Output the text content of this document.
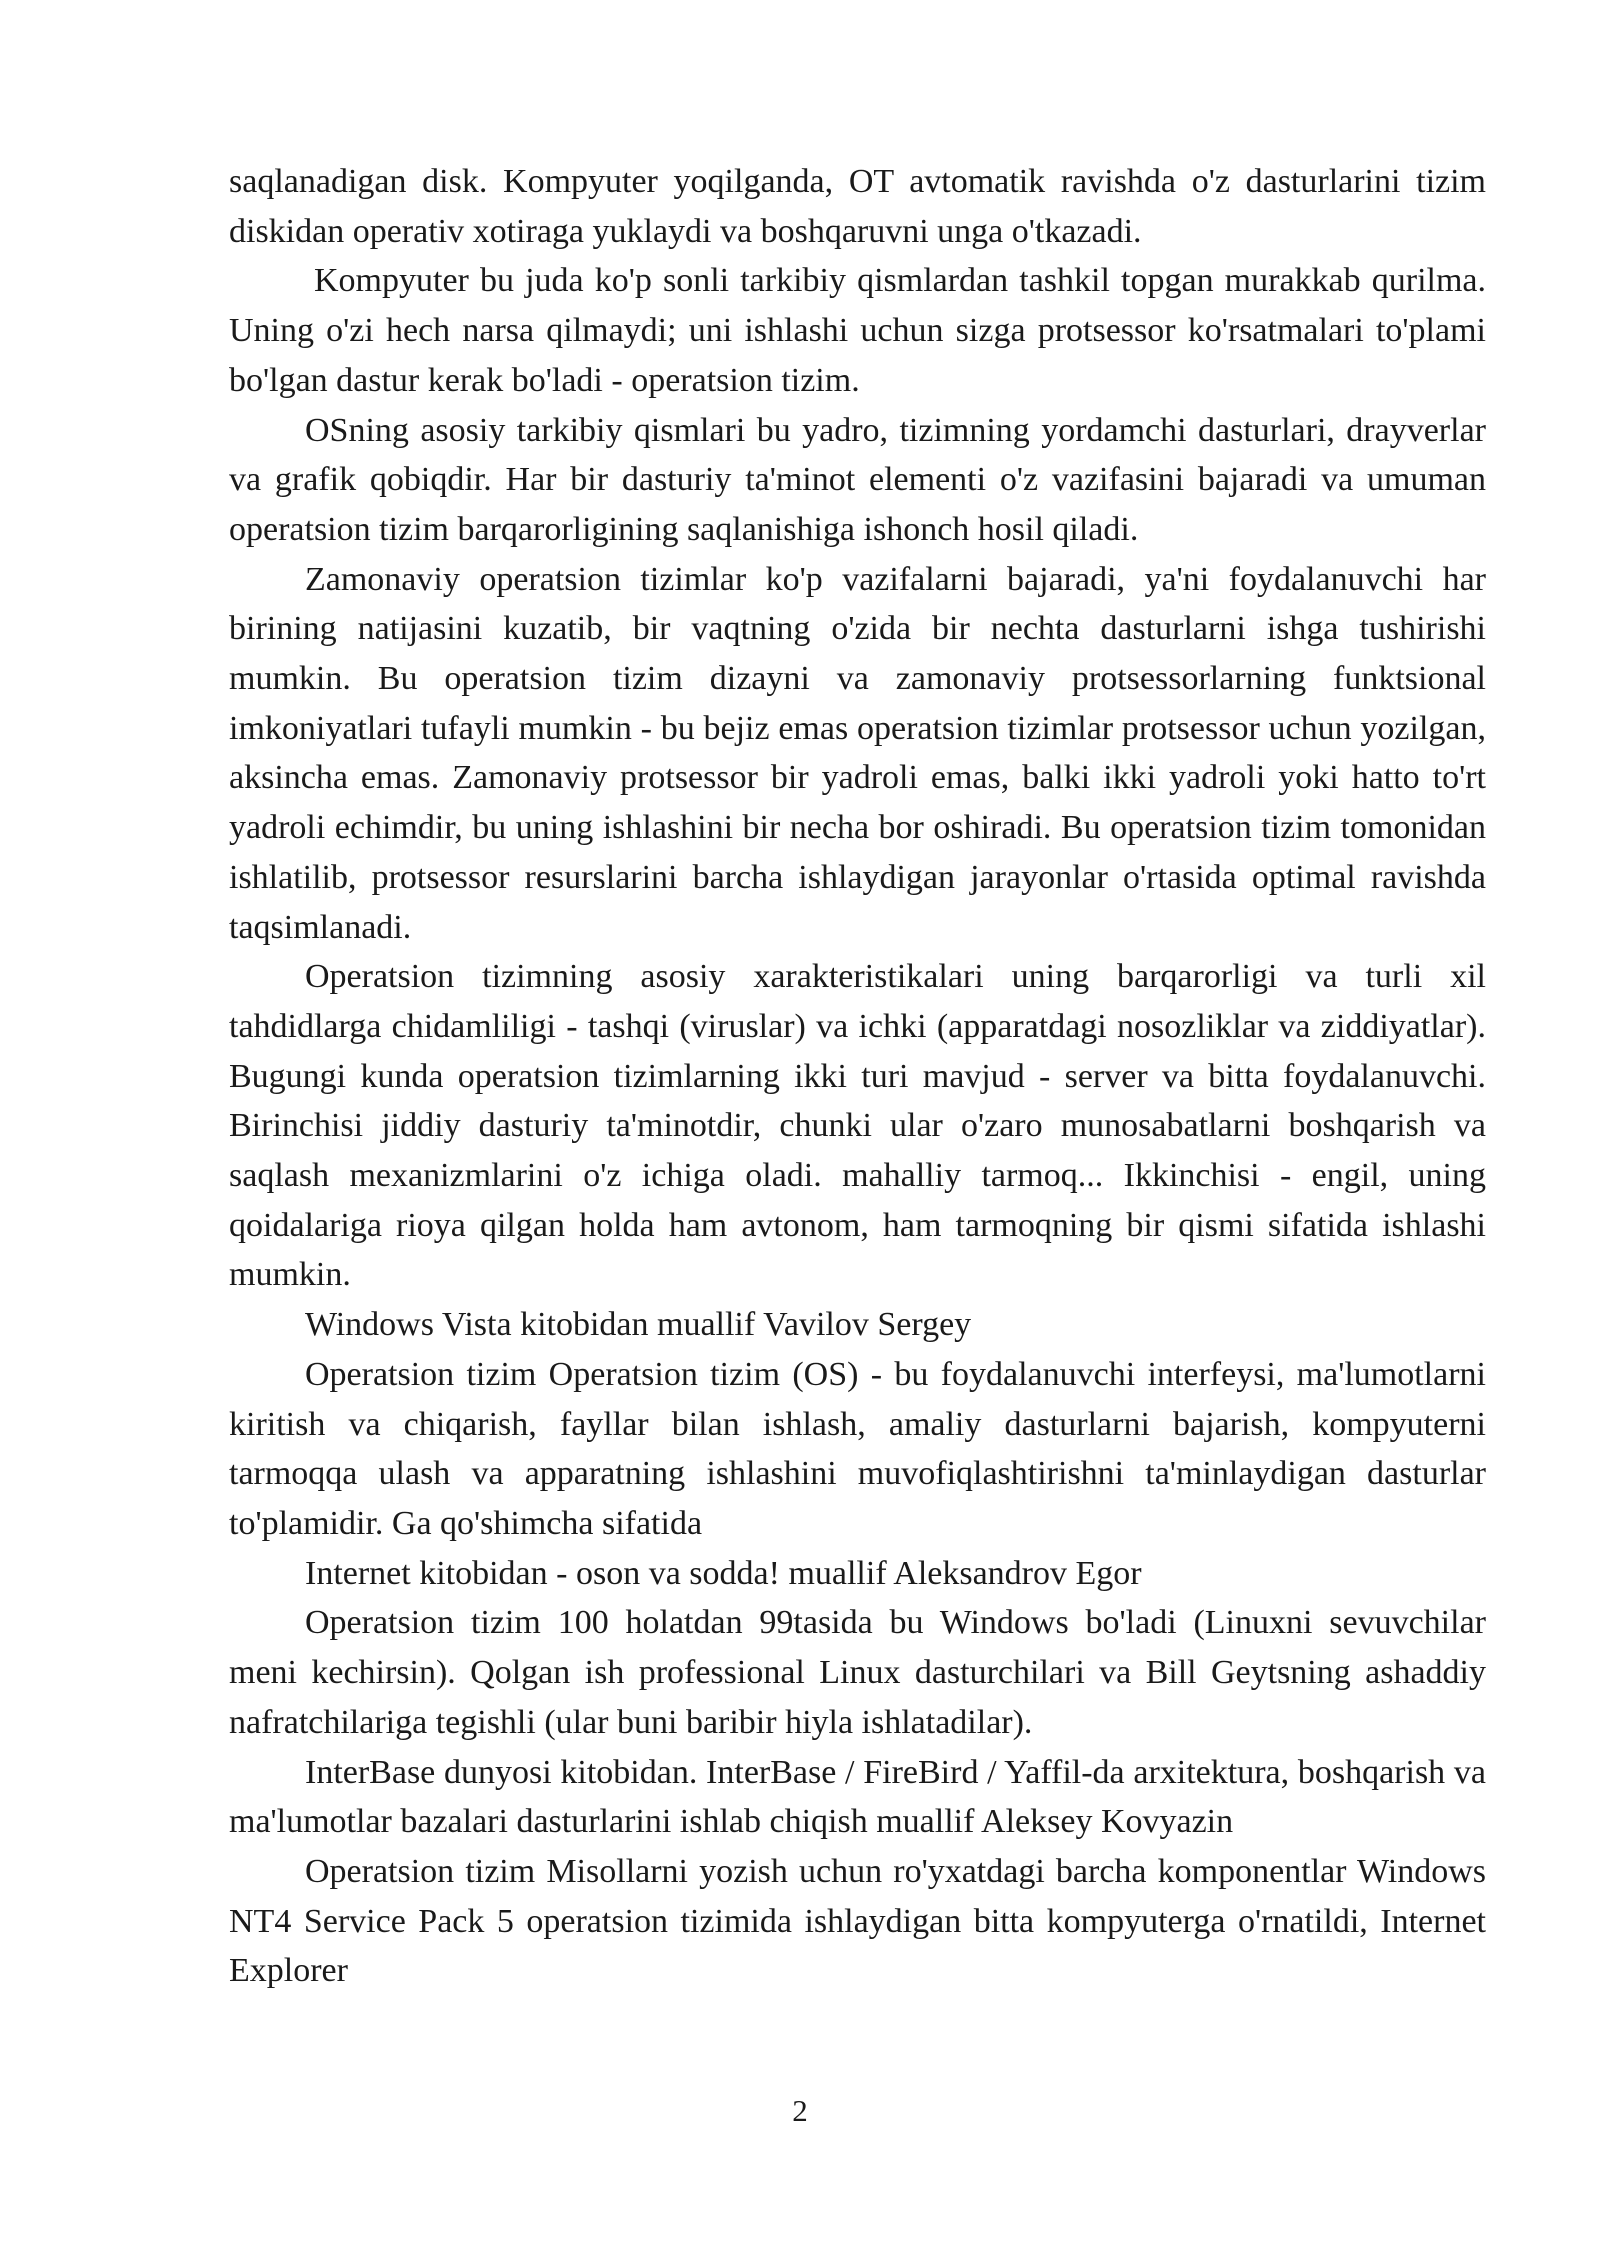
saqlanadigan disk. Kompyuter yoqilganda, OT avtomatik ravishda o'z dasturlarini tizim diskidan operativ xotiraga yuklaydi va boshqaruvni unga o'tkazadi.

Kompyuter bu juda ko'p sonli tarkibiy qismlardan tashkil topgan murakkab qurilma. Uning o'zi hech narsa qilmaydi; uni ishlashi uchun sizga protsessor ko'rsatmalari to'plami bo'lgan dastur kerak bo'ladi - operatsion tizim.

OSning asosiy tarkibiy qismlari bu yadro, tizimning yordamchi dasturlari, drayverlar va grafik qobiqdir. Har bir dasturiy ta'minot elementi o'z vazifasini bajaradi va umuman operatsion tizim barqarorligining saqlanishiga ishonch hosil qiladi.

Zamonaviy operatsion tizimlar ko'p vazifalarni bajaradi, ya'ni foydalanuvchi har birining natijasini kuzatib, bir vaqtning o'zida bir nechta dasturlarni ishga tushirishi mumkin. Bu operatsion tizim dizayni va zamonaviy protsessorlarning funktsional imkoniyatlari tufayli mumkin - bu bejiz emas operatsion tizimlar protsessor uchun yozilgan, aksincha emas. Zamonaviy protsessor bir yadroli emas, balki ikki yadroli yoki hatto to'rt yadroli echimdir, bu uning ishlashini bir necha bor oshiradi. Bu operatsion tizim tomonidan ishlatilib, protsessor resurslarini barcha ishlaydigan jarayonlar o'rtasida optimal ravishda taqsimlanadi.

Operatsion tizimning asosiy xarakteristikalari uning barqarorligi va turli xil tahdidlarga chidamliligi - tashqi (viruslar) va ichki (apparatdagi nosozliklar va ziddiyatlar). Bugungi kunda operatsion tizimlarning ikki turi mavjud - server va bitta foydalanuvchi. Birinchisi jiddiy dasturiy ta'minotdir, chunki ular o'zaro munosabatlarni boshqarish va saqlash mexanizmlarini o'z ichiga oladi. mahalliy tarmoq... Ikkinchisi - engil, uning qoidalariga rioya qilgan holda ham avtonom, ham tarmoqning bir qismi sifatida ishlashi mumkin.

Windows Vista kitobidan muallif Vavilov Sergey

Operatsion tizim Operatsion tizim (OS) - bu foydalanuvchi interfeysi, ma'lumotlarni kiritish va chiqarish, fayllar bilan ishlash, amaliy dasturlarni bajarish, kompyuterni tarmoqqa ulash va apparatning ishlashini muvofiqlashtirishni ta'minlaydigan dasturlar to'plamidir. Ga qo'shimcha sifatida

Internet kitobidan - oson va sodda! muallif Aleksandrov Egor

Operatsion tizim 100 holatdan 99tasida bu Windows bo'ladi (Linuxni sevuvchilar meni kechirsin). Qolgan ish professional Linux dasturchilari va Bill Geytsning ashaddiy nafratchilariga tegishli (ular buni baribir hiyla ishlatadilar).

InterBase dunyosi kitobidan. InterBase / FireBird / Yaffil-da arxitektura, boshqarish va ma'lumotlar bazalari dasturlarini ishlab chiqish muallif Aleksey Kovyazin

Operatsion tizim Misollarni yozish uchun ro'yxatdagi barcha komponentlar Windows NT4 Service Pack 5 operatsion tizimida ishlaydigan bitta kompyuterga o'rnatildi, Internet Explorer

2
